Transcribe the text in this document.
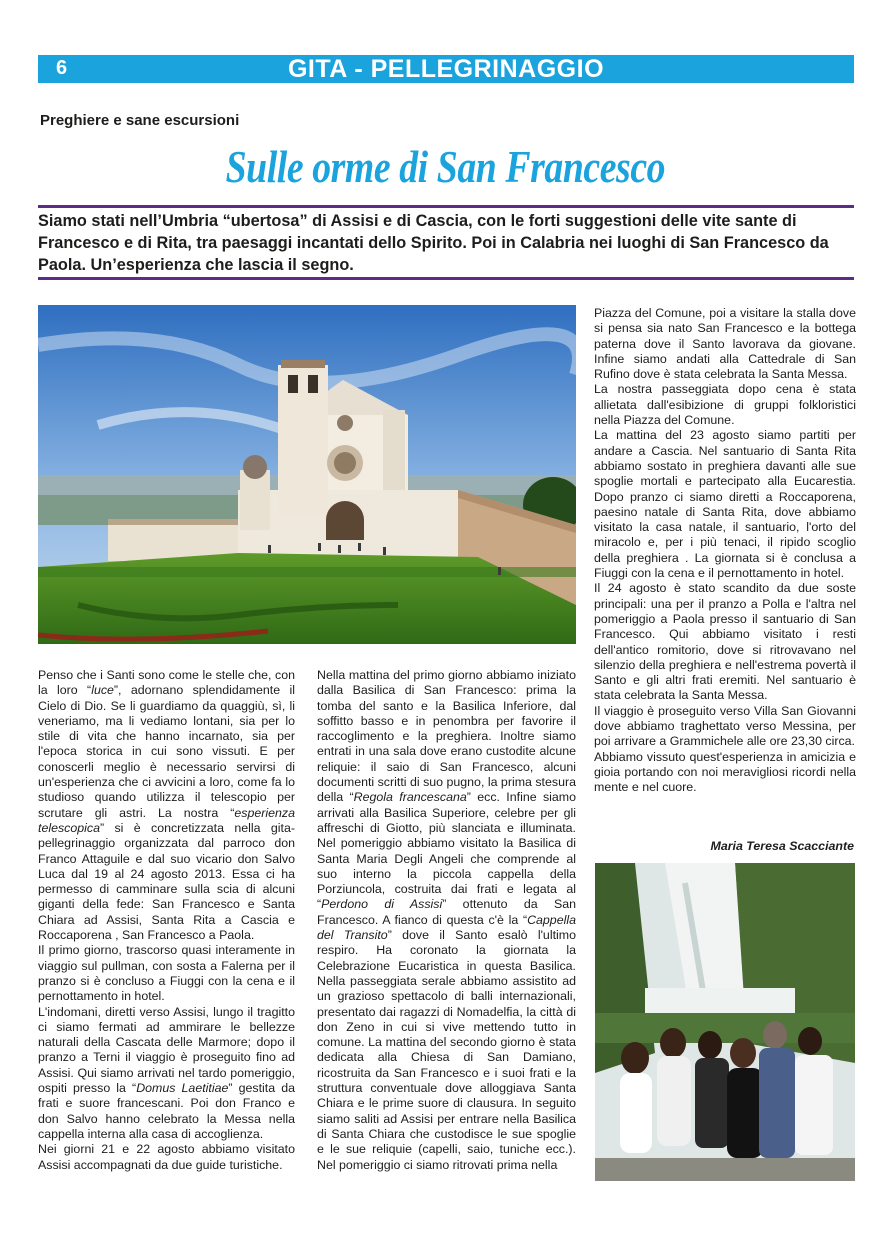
6	GITA - PELLEGRINAGGIO
Preghiere e sane escursioni
Sulle orme di San Francesco
Siamo stati nell’Umbria “ubertosa” di Assisi e di Cascia, con le forti suggestioni delle vite sante di Francesco e di Rita, tra paesaggi incantati dello Spirito. Poi in Calabria nei luoghi di San Francesco da Paola. Un’esperienza che lascia il segno.

Penso che i Santi sono come le stelle che, con la loro “luce”, adornano splendidamente il Cielo di Dio. Se li guardiamo da quaggiù, sì, li veneriamo, ma li vediamo lontani, sia per lo stile di vita che hanno incarnato, sia per l'epoca storica in cui sono vissuti. E per conoscerli meglio è necessario servirsi di un'esperienza che ci avvicini a loro, come fa lo studioso quando utilizza il telescopio per scrutare gli astri. La nostra “esperienza telescopica” si è concretizzata nella gita-pellegrinaggio organizzata dal parroco don Franco Attaguile e dal suo vicario don Salvo Luca dal 19 al 24 agosto 2013. Essa ci ha permesso di camminare sulla scia di alcuni giganti della fede: San Francesco e Santa Chiara ad Assisi, Santa Rita a Cascia e Roccaporena , San Francesco a Paola.

Il primo giorno, trascorso quasi interamente in viaggio sul pullman, con sosta a Falerna per il pranzo si è concluso a Fiuggi con la cena e il pernottamento in hotel.

L'indomani, diretti verso Assisi, lungo il tragitto ci siamo fermati ad ammirare le bellezze naturali della Cascata delle Marmore; dopo il pranzo a Terni il viaggio è proseguito fino ad Assisi. Qui siamo arrivati nel tardo pomeriggio, ospiti presso la “Domus Laetitiae” gestita da frati e suore francescani. Poi don Franco e don Salvo hanno celebrato la Messa nella cappella interna alla casa di accoglienza.

Nei giorni 21 e 22 agosto abbiamo visitato Assisi accompagnati da due guide turistiche.

Nella mattina del primo giorno abbiamo iniziato dalla Basilica di San Francesco: prima la tomba del santo e la Basilica Inferiore, dal soffitto basso e in penombra per favorire il raccoglimento e la preghiera. Inoltre siamo entrati in una sala dove erano custodite alcune reliquie: il saio di San Francesco, alcuni documenti scritti di suo pugno, la prima stesura della “Regola francescana” ecc. Infine siamo arrivati alla Basilica Superiore, celebre per gli affreschi di Giotto, più slanciata e illuminata. Nel pomeriggio abbiamo visitato la Basilica di Santa Maria Degli Angeli che comprende al suo interno la piccola cappella della Porziuncola, costruita dai frati e legata al “Perdono di Assisi” ottenuto da San Francesco. A fianco di questa c'è la “Cappella del Transito” dove il Santo esalò l'ultimo respiro. Ha coronato la giornata la Celebrazione Eucaristica in questa Basilica. Nella passeggiata serale abbiamo assistito ad un grazioso spettacolo di balli internazionali, presentato dai ragazzi di Nomadelfia, la città di don Zeno in cui si vive mettendo tutto in comune. La mattina del secondo giorno è stata dedicata alla Chiesa di San Damiano, ricostruita da San Francesco e i suoi frati e la struttura conventuale dove alloggiava Santa Chiara e le prime suore di clausura. In seguito siamo saliti ad Assisi per entrare nella Basilica di Santa Chiara che custodisce le sue spoglie e le sue reliquie (capelli, saio, tuniche ecc.). Nel pomeriggio ci siamo ritrovati prima nella

Piazza del Comune, poi a visitare la stalla dove si pensa sia nato San Francesco e la bottega paterna dove il Santo lavorava da giovane. Infine siamo andati alla Cattedrale di San Rufino dove è stata celebrata la Santa Messa.

La nostra passeggiata dopo cena è stata allietata dall'esibizione di gruppi folkloristici nella Piazza del Comune.

La mattina del 23 agosto siamo partiti per andare a Cascia. Nel santuario di Santa Rita abbiamo sostato in preghiera davanti alle sue spoglie mortali e partecipato alla Eucarestia. Dopo pranzo ci siamo diretti a Roccaporena, paesino natale di Santa Rita, dove abbiamo visitato la casa natale, il santuario, l'orto del miracolo e, per i più tenaci, il ripido scoglio della preghiera . La giornata si è conclusa a Fiuggi con la cena e il pernottamento in hotel.

Il 24 agosto è stato scandito da due soste principali: una per il pranzo a Polla e l'altra nel pomeriggio a Paola presso il santuario di San Francesco. Qui abbiamo visitato i resti dell'antico romitorio, dove si ritrovavano nel silenzio della preghiera e nell'estrema povertà il Santo e gli altri frati eremiti. Nel santuario è stata celebrata la Santa Messa.

Il viaggio è proseguito verso Villa San Giovanni dove abbiamo traghettato verso Messina, per poi arrivare a Grammichele alle ore 23,30 circa.

Abbiamo vissuto quest'esperienza in amicizia e gioia portando con noi meravigliosi ricordi nella mente e nel cuore.

Maria Teresa Scacciante
